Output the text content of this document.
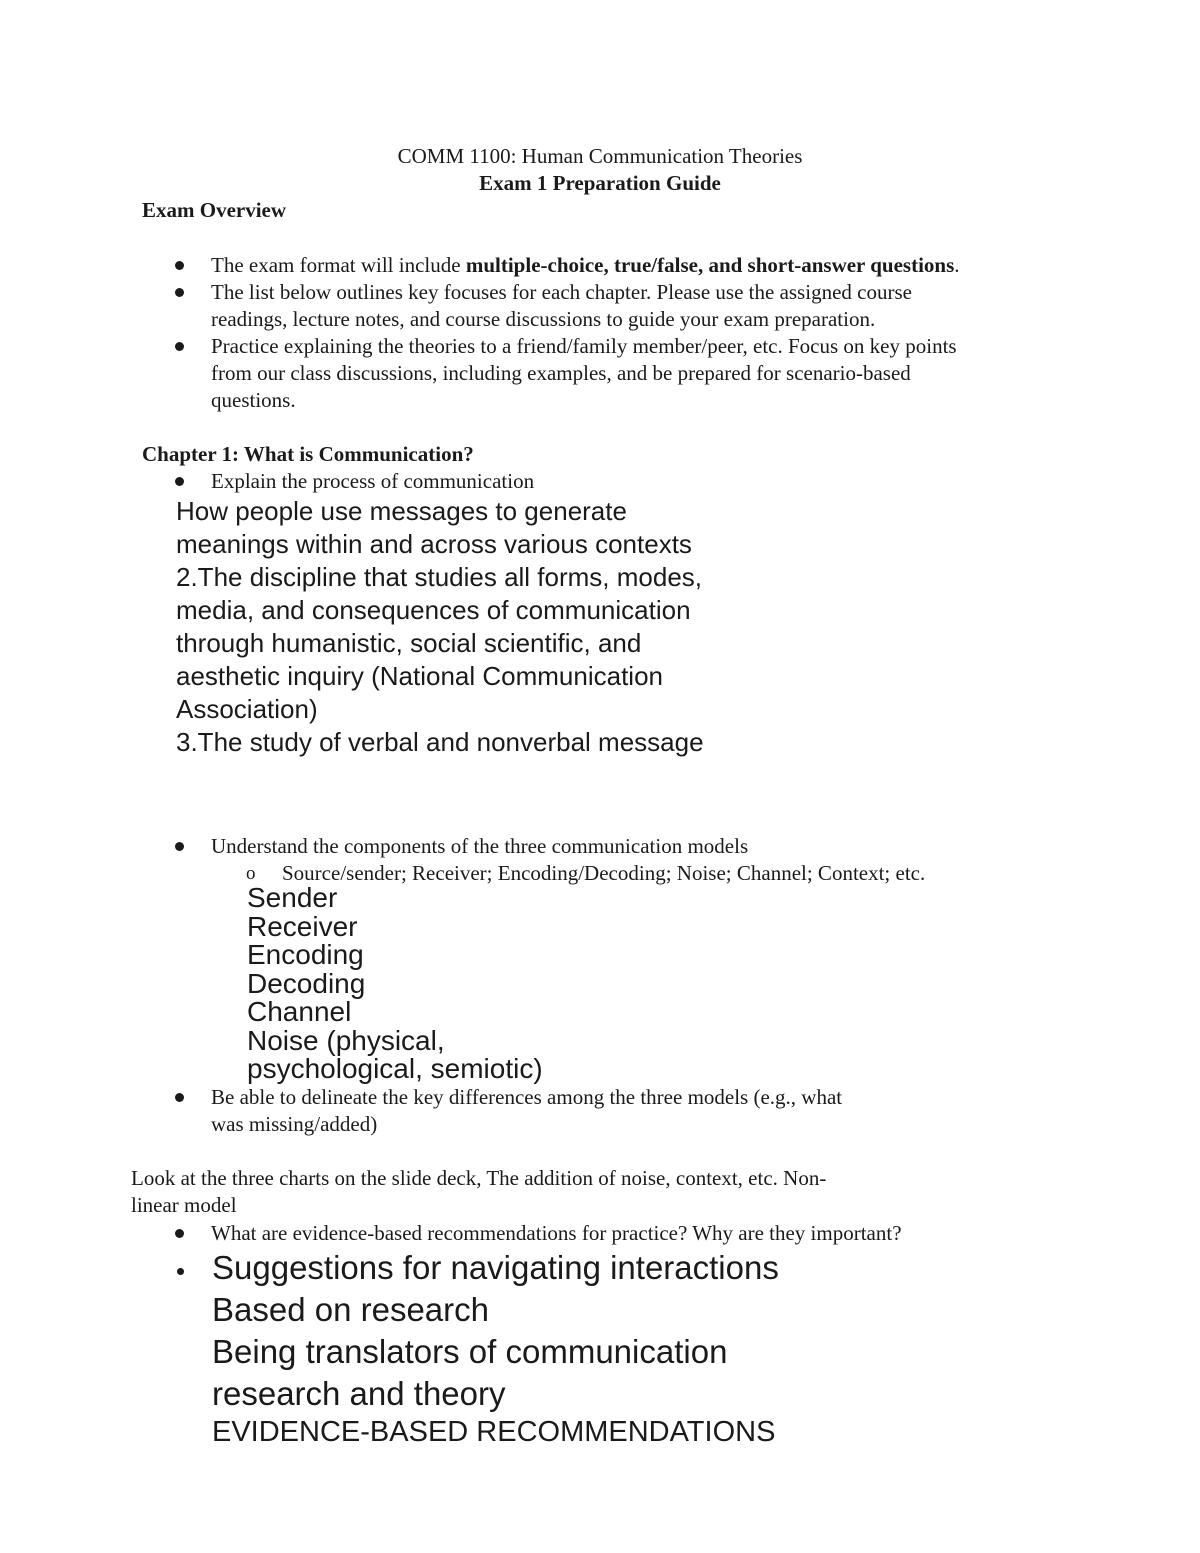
COMM 1100: Human Communication Theories

Exam 1 Preparation Guide

Exam Overview

The exam format will include multiple-choice, true/false, and short-answer questions.

The list below outlines key focuses for each chapter. Please use the assigned course

readings, lecture notes, and course discussions to guide your exam preparation.

Practice explaining the theories to a friend/family member/peer, etc. Focus on key points

from our class discussions, including examples, and be prepared for scenario-based

questions.

Chapter 1: What is Communication?

Explain the process of communication

How people use messages to generate
meanings within and across various contexts
2.The discipline that studies all forms, modes,
media, and consequences of communication
through humanistic, social scientific, and
aesthetic inquiry (National Communication
Association)
3.The study of verbal and nonverbal message

Understand the components of the three communication models

o Source/sender; Receiver; Encoding/Decoding; Noise; Channel; Context; etc.

Sender
Receiver
Encoding
Decoding
Channel
Noise (physical,
psychological, semiotic)

Be able to delineate the key differences among the three models (e.g., what

was missing/added)

Look at the three charts on the slide deck, The addition of noise, context, etc. Non-

linear model

What are evidence-based recommendations for practice? Why are they important?

Suggestions for navigating interactions
Based on research
Being translators of communication
research and theory

EVIDENCE-BASED RECOMMENDATIONS
